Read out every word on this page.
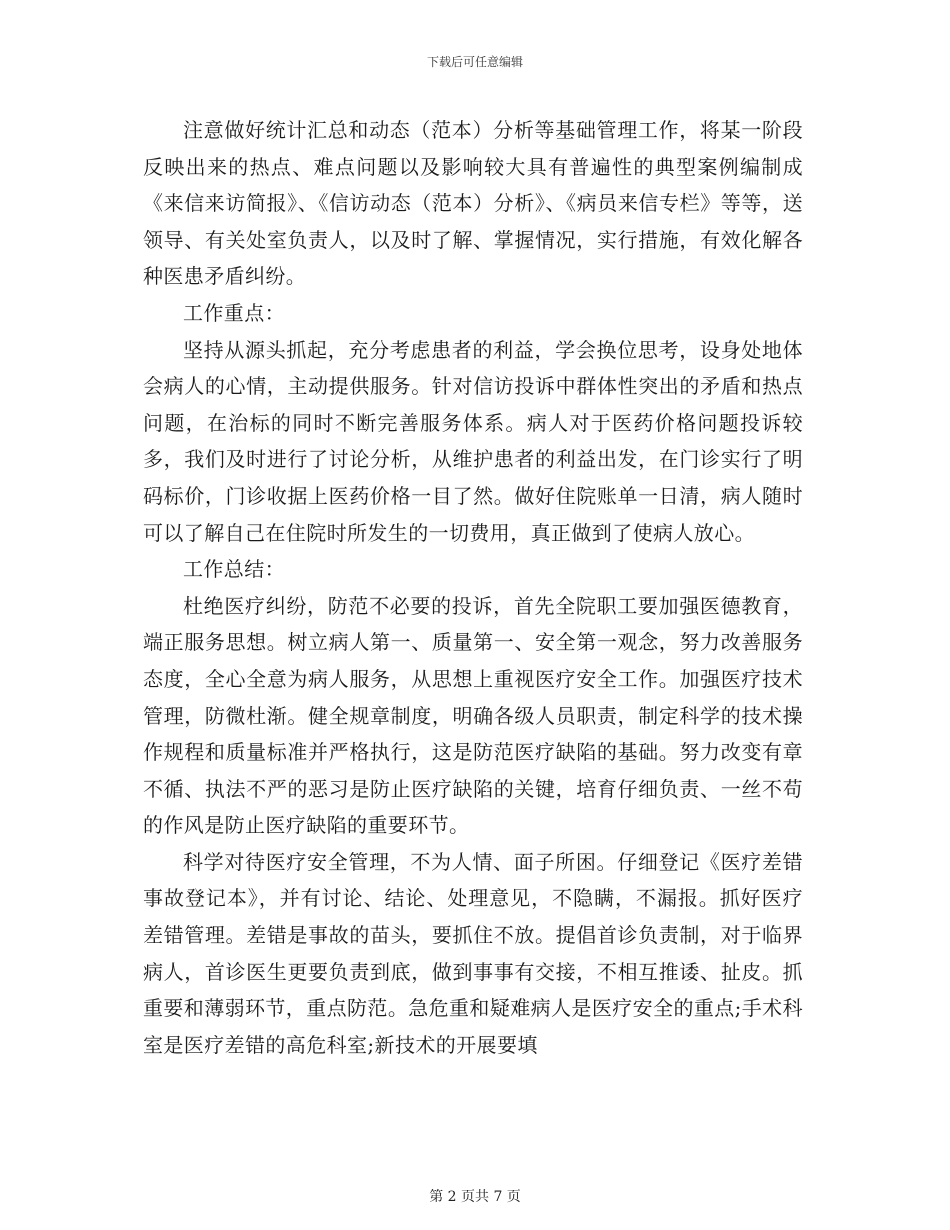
下载后可任意编辑

注意做好统计汇总和动态（范本）分析等基础管理工作，将某一阶段反映出来的热点、难点问题以及影响较大具有普遍性的典型案例编制成《来信来访简报》、《信访动态（范本）分析》、《病员来信专栏》等等，送领导、有关处室负责人，以及时了解、掌握情况，实行措施，有效化解各种医患矛盾纠纷。

工作重点：

坚持从源头抓起，充分考虑患者的利益，学会换位思考，设身处地体会病人的心情，主动提供服务。针对信访投诉中群体性突出的矛盾和热点问题，在治标的同时不断完善服务体系。病人对于医药价格问题投诉较多，我们及时进行了讨论分析，从维护患者的利益出发，在门诊实行了明码标价，门诊收据上医药价格一目了然。做好住院账单一日清，病人随时可以了解自己在住院时所发生的一切费用，真正做到了使病人放心。

工作总结：

杜绝医疗纠纷，防范不必要的投诉，首先全院职工要加强医德教育，端正服务思想。树立病人第一、质量第一、安全第一观念，努力改善服务态度，全心全意为病人服务，从思想上重视医疗安全工作。加强医疗技术管理，防微杜渐。健全规章制度，明确各级人员职责，制定科学的技术操作规程和质量标准并严格执行，这是防范医疗缺陷的基础。努力改变有章不循、执法不严的恶习是防止医疗缺陷的关键，培育仔细负责、一丝不苟的作风是防止医疗缺陷的重要环节。

科学对待医疗安全管理，不为人情、面子所困。仔细登记《医疗差错事故登记本》，并有讨论、结论、处理意见，不隐瞒，不漏报。抓好医疗差错管理。差错是事故的苗头，要抓住不放。提倡首诊负责制，对于临界病人，首诊医生更要负责到底，做到事事有交接，不相互推诿、扯皮。抓重要和薄弱环节，重点防范。急危重和疑难病人是医疗安全的重点;手术科室是医疗差错的高危科室;新技术的开展要填

第 2 页共 7 页
